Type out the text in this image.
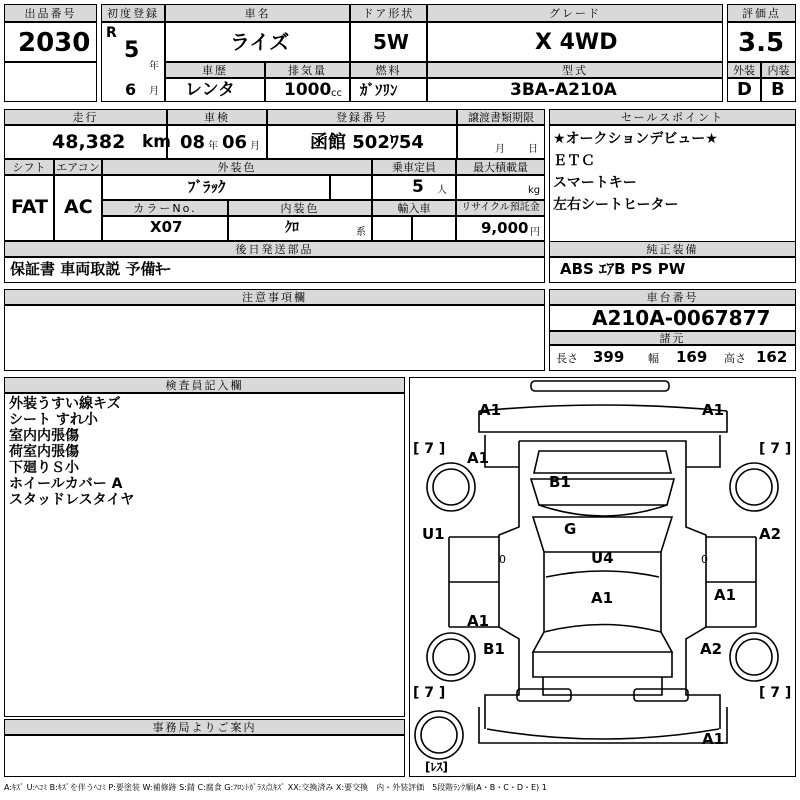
出品番号
2030
初度登録
R
5
年
6 月
車名
ライズ
ドア形状
5W
グレード
X 4WD
評価点
3.5
車歴
レンタ
排気量
1000 cc
燃料
ｶﾞｿﾘﾝ
型式
3BA-A210A
外装
D
内装
B
走行
48,382 km
車検
08 年 06 月
登録番号
函館 502ﾜ54
譲渡書類期限
月 日
セールスポイント
★オークションデビュー★
ＥＴＣ
スマートキー
左右シートヒーター
シフト
FAT
エアコン
AC
外装色
ﾌﾞﾗｯｸ
乗車定員
5 人
最大積載量
kg
カラーNo.
X07
内装色
ｸﾛ	系
輸入車	リサイクル預託金
9,000 円
後日発送部品
保証書 車両取説 予備ｷｰ
純正装備
ABS ｴｱB PS PW
注意事項欄	車台番号
A210A-0067877
諸元
長さ 399 幅 169 高さ 162
検査員記入欄
外装うすい線キズ
シート すれ小
室内内張傷
荷室内張傷
下廻りＳ小
ホイールカバー A
スタッドレスタイヤ
事務局よりご案内
[ 7 ]	[ 7 ]
[ 7 ]	[ 7 ]
[ﾚｽ]
A1	A1
A1
B1
G
U1	A2
U4
A1	A1
A1
B1	A2
A1
0	0
A:ｷｽﾞ U:ﾍｺﾐ B:ｷｽﾞを伴うﾍｺﾐ P:要塗装 W:補修跡 S:錆 C:腐食 G:ﾌﾛﾝﾄｶﾞﾗｽ点ｷｽﾞ XX:交換済み X:要交換　内・外装評価　5段階ﾗﾝｸ順(A・B・C・D・E) 1
